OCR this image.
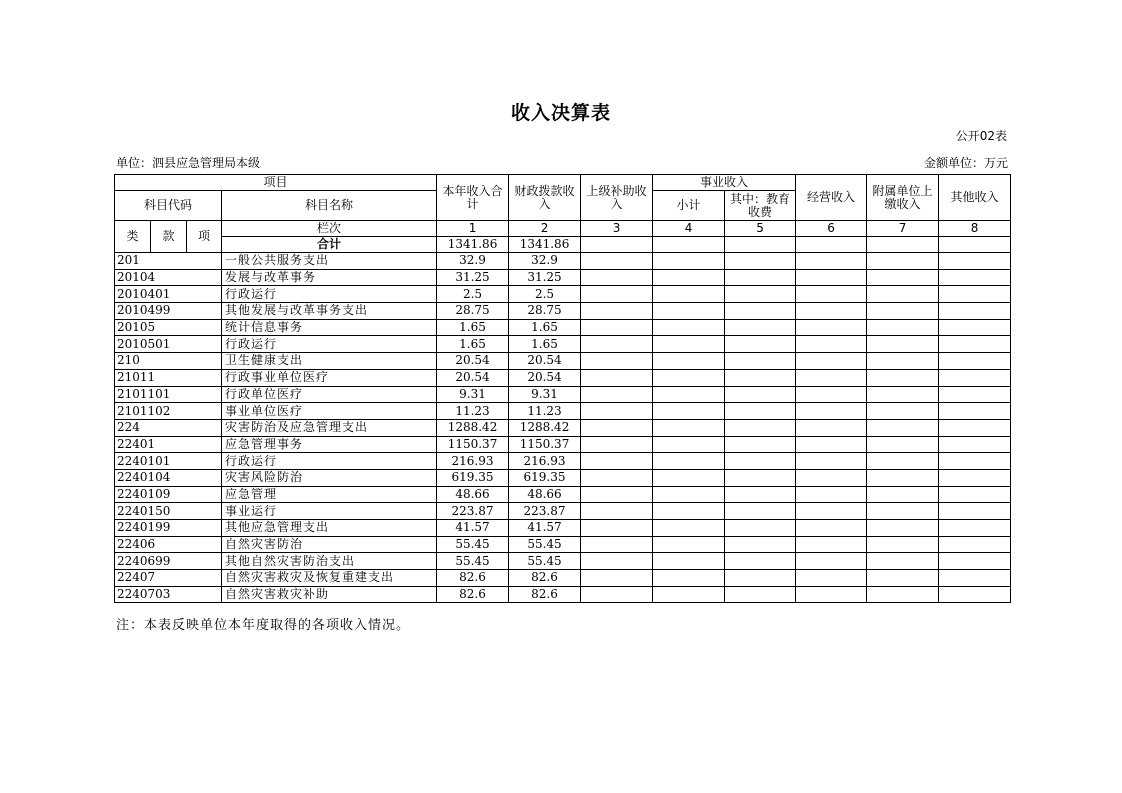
收入决算表
公开02表
单位：泗县应急管理局本级	金额单位：万元
项目				本年收入合计	财政拨款收入	上级补助收入	事业收入		经营收入	附属单位上缴收入	其他收入
科目代码			科目名称				小计	其中：教育收费			
类	款	项	栏次	1	2	3	4	5	6	7	8
			合计	1341.86	1341.86						
201			一般公共服务支出	32.9	32.9						
20104			发展与改革事务	31.25	31.25						
2010401			行政运行	2.5	2.5						
2010499			其他发展与改革事务支出	28.75	28.75						
20105			统计信息事务	1.65	1.65						
2010501			行政运行	1.65	1.65						
210			卫生健康支出	20.54	20.54						
21011			行政事业单位医疗	20.54	20.54						
2101101			行政单位医疗	9.31	9.31						
2101102			事业单位医疗	11.23	11.23						
224			灾害防治及应急管理支出	1288.42	1288.42						
22401			应急管理事务	1150.37	1150.37						
2240101			行政运行	216.93	216.93						
2240104			灾害风险防治	619.35	619.35						
2240109			应急管理	48.66	48.66						
2240150			事业运行	223.87	223.87						
2240199			其他应急管理支出	41.57	41.57						
22406			自然灾害防治	55.45	55.45						
2240699			其他自然灾害防治支出	55.45	55.45						
22407			自然灾害救灾及恢复重建支出	82.6	82.6						
2240703			自然灾害救灾补助	82.6	82.6						
注：本表反映单位本年度取得的各项收入情况。
